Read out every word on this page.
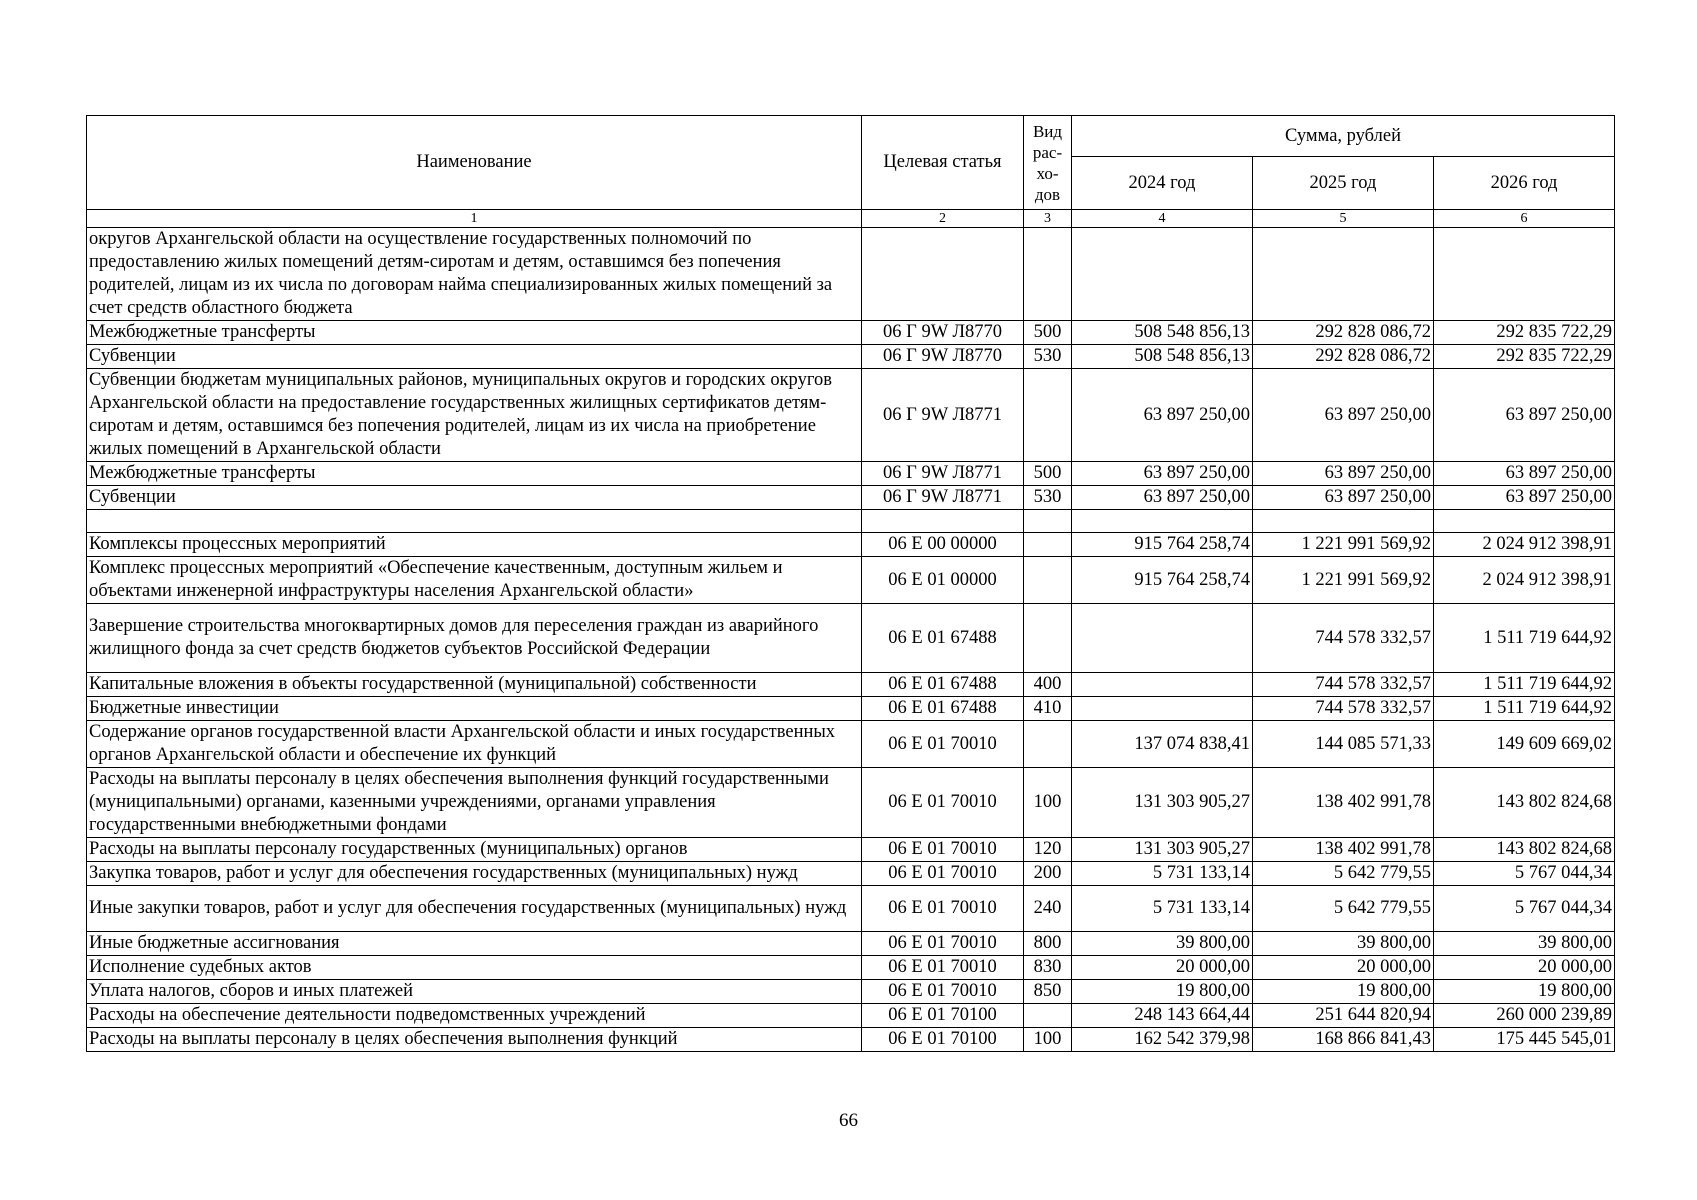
Наименование	Целевая статья	Вид рас- хо- дов	Сумма, рублей		
			2024 год	2025 год	2026 год
1	2	3	4	5	6
округов Архангельской области на осуществление государственных полномочий по предоставлению жилых помещений детям-сиротам и детям, оставшимся без попечения родителей, лицам из их числа по договорам найма специализированных жилых помещений за счет средств областного бюджета					
Межбюджетные трансферты	06 Г 9W Л8770	500	508 548 856,13	292 828 086,72	292 835 722,29
Субвенции	06 Г 9W Л8770	530	508 548 856,13	292 828 086,72	292 835 722,29
Субвенции бюджетам муниципальных районов, муниципальных округов и городских округов Архангельской области на предоставление государственных жилищных сертификатов детям-сиротам и детям, оставшимся без попечения родителей, лицам из их числа на приобретение жилых помещений в Архангельской области	06 Г 9W Л8771		63 897 250,00	63 897 250,00	63 897 250,00
Межбюджетные трансферты	06 Г 9W Л8771	500	63 897 250,00	63 897 250,00	63 897 250,00
Субвенции	06 Г 9W Л8771	530	63 897 250,00	63 897 250,00	63 897 250,00

Комплексы процессных мероприятий	06 Е 00 00000		915 764 258,74	1 221 991 569,92	2 024 912 398,91
Комплекс процессных мероприятий «Обеспечение качественным, доступным жильем и объектами инженерной инфраструктуры населения Архангельской области»	06 Е 01 00000		915 764 258,74	1 221 991 569,92	2 024 912 398,91
Завершение строительства многоквартирных домов для переселения граждан из аварийного жилищного фонда за счет средств бюджетов субъектов Российской Федерации	06 Е 01 67488			744 578 332,57	1 511 719 644,92
Капитальные вложения в объекты государственной (муниципальной) собственности	06 Е 01 67488	400		744 578 332,57	1 511 719 644,92
Бюджетные инвестиции	06 Е 01 67488	410		744 578 332,57	1 511 719 644,92
Содержание органов государственной власти Архангельской области и иных государственных органов Архангельской области и обеспечение их функций	06 Е 01 70010		137 074 838,41	144 085 571,33	149 609 669,02
Расходы на выплаты персоналу в целях обеспечения выполнения функций государственными (муниципальными) органами, казенными учреждениями, органами управления государственными внебюджетными фондами	06 Е 01 70010	100	131 303 905,27	138 402 991,78	143 802 824,68
Расходы на выплаты персоналу государственных (муниципальных) органов	06 Е 01 70010	120	131 303 905,27	138 402 991,78	143 802 824,68
Закупка товаров, работ и услуг для обеспечения государственных (муниципальных) нужд	06 Е 01 70010	200	5 731 133,14	5 642 779,55	5 767 044,34
Иные закупки товаров, работ и услуг для обеспечения государственных (муниципальных) нужд	06 Е 01 70010	240	5 731 133,14	5 642 779,55	5 767 044,34
Иные бюджетные ассигнования	06 Е 01 70010	800	39 800,00	39 800,00	39 800,00
Исполнение судебных актов	06 Е 01 70010	830	20 000,00	20 000,00	20 000,00
Уплата налогов, сборов и иных платежей	06 Е 01 70010	850	19 800,00	19 800,00	19 800,00
Расходы на обеспечение деятельности подведомственных учреждений	06 Е 01 70100		248 143 664,44	251 644 820,94	260 000 239,89
Расходы на выплаты персоналу в целях обеспечения выполнения функций	06 Е 01 70100	100	162 542 379,98	168 866 841,43	175 445 545,01
66
